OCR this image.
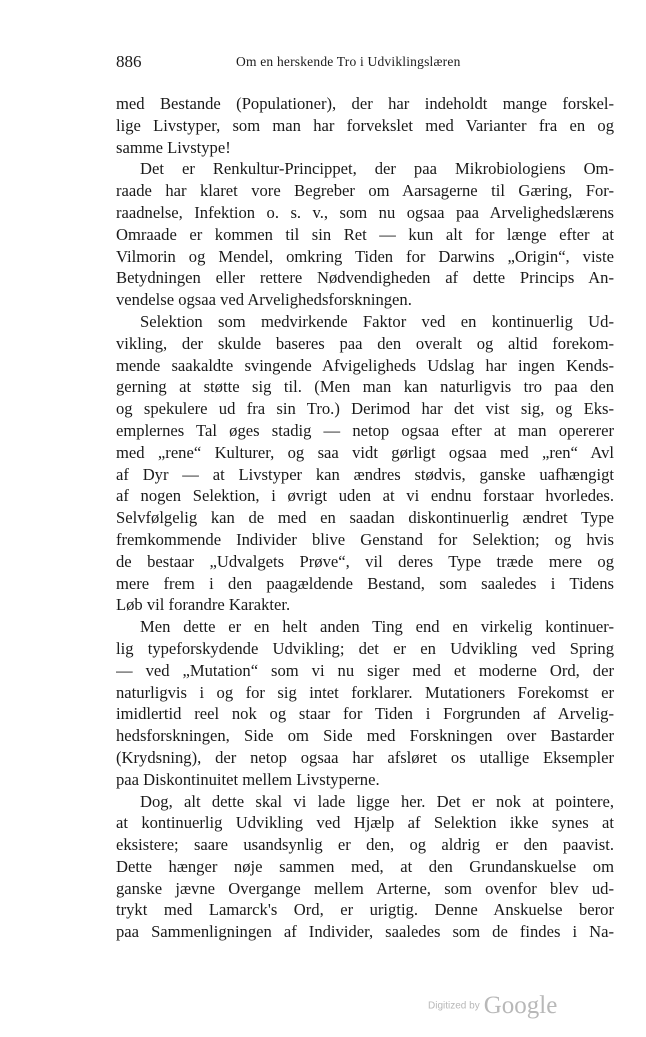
886	Om en herskende Tro i Udviklingslæren
med Bestande (Populationer), der har indeholdt mange forskel-
lige Livstyper, som man har forvekslet med Varianter fra en og
samme Livstype!
Det er Renkultur-Princippet, der paa Mikrobiologiens Om-
raade har klaret vore Begreber om Aarsagerne til Gæring, For-
raadnelse, Infektion o. s. v., som nu ogsaa paa Arvelighedslærens
Omraade er kommen til sin Ret — kun alt for længe efter at
Vilmorin og Mendel, omkring Tiden for Darwins „Origin“, viste
Betydningen eller rettere Nødvendigheden af dette Princips An-
vendelse ogsaa ved Arvelighedsforskningen.
Selektion som medvirkende Faktor ved en kontinuerlig Ud-
vikling, der skulde baseres paa den overalt og altid forekom-
mende saakaldte svingende Afvigeligheds Udslag har ingen Kends-
gerning at støtte sig til. (Men man kan naturligvis tro paa den
og spekulere ud fra sin Tro.) Derimod har det vist sig, og Eks-
emplernes Tal øges stadig — netop ogsaa efter at man opererer
med „rene“ Kulturer, og saa vidt gørligt ogsaa med „ren“ Avl
af Dyr — at Livstyper kan ændres stødvis, ganske uafhængigt
af nogen Selektion, i øvrigt uden at vi endnu forstaar hvorledes.
Selvfølgelig kan de med en saadan diskontinuerlig ændret Type
fremkommende Individer blive Genstand for Selektion; og hvis
de bestaar „Udvalgets Prøve“, vil deres Type træde mere og
mere frem i den paagældende Bestand, som saaledes i Tidens
Løb vil forandre Karakter.
Men dette er en helt anden Ting end en virkelig kontinuer-
lig typeforskydende Udvikling; det er en Udvikling ved Spring
— ved „Mutation“ som vi nu siger med et moderne Ord, der
naturligvis i og for sig intet forklarer. Mutationers Forekomst er
imidlertid reel nok og staar for Tiden i Forgrunden af Arvelig-
hedsforskningen, Side om Side med Forskningen over Bastarder
(Krydsning), der netop ogsaa har afsløret os utallige Eksempler
paa Diskontinuitet mellem Livstyperne.
Dog, alt dette skal vi lade ligge her. Det er nok at pointere,
at kontinuerlig Udvikling ved Hjælp af Selektion ikke synes at
eksistere; saare usandsynlig er den, og aldrig er den paavist.
Dette hænger nøje sammen med, at den Grundanskuelse om
ganske jævne Overgange mellem Arterne, som ovenfor blev ud-
trykt med Lamarck's Ord, er urigtig. Denne Anskuelse beror
paa Sammenligningen af Individer, saaledes som de findes i Na-
Digitized by Google
